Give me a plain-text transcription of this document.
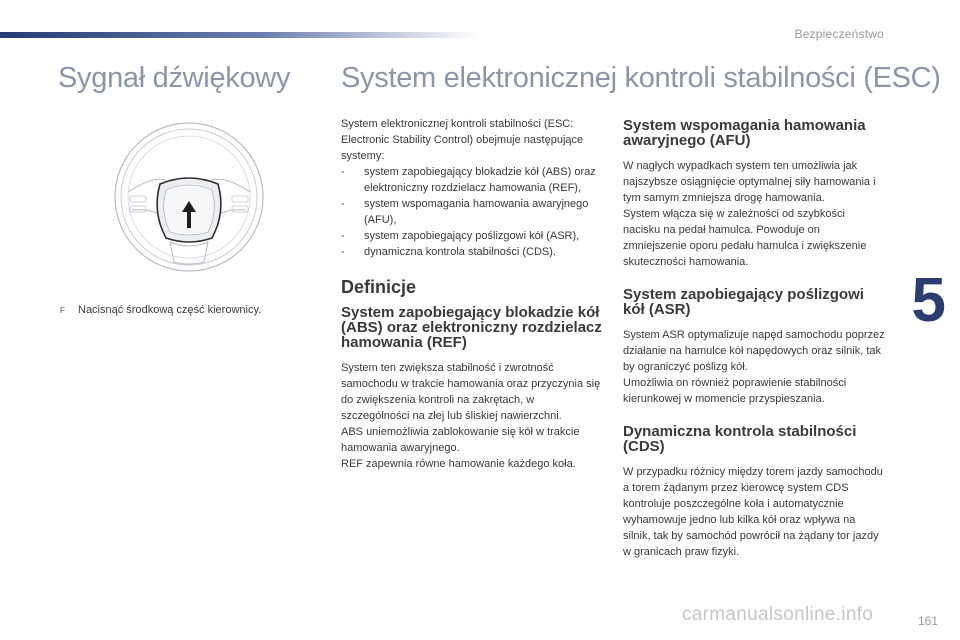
Bezpieczeństwo
Sygnał dźwiękowy System elektronicznej kontroli stabilności (ESC)
F Nacisnąć środkową część kierownicy.

System elektronicznej kontroli stabilności (ESC: Electronic Stability Control) obejmuje następujące systemy:

- system zapobiegający blokadzie kół (ABS) oraz elektroniczny rozdzielacz hamowania (REF),
- system wspomagania hamowania awaryjnego (AFU),
- system zapobiegający poślizgowi kół (ASR),
- dynamiczna kontrola stabilności (CDS).
Definicje
System zapobiegający blokadzie kół (ABS) oraz elektroniczny rozdzielacz hamowania (REF)

System ten zwiększa stabilność i zwrotność samochodu w trakcie hamowania oraz przyczynia się do zwiększenia kontroli na zakrętach, w szczególności na złej lub śliskiej nawierzchni.

ABS uniemożliwia zablokowanie się kół w trakcie hamowania awaryjnego.

REF zapewnia równe hamowanie każdego koła.

System wspomagania hamowania awaryjnego (AFU)

W nagłych wypadkach system ten umożliwia jak najszybsze osiągnięcie optymalnej siły hamowania i tym samym zmniejsza drogę hamowania.

System włącza się w zależności od szybkości nacisku na pedał hamulca. Powoduje on zmniejszenie oporu pedału hamulca i zwiększenie skuteczności hamowania.

System zapobiegający poślizgowi kół (ASR)

System ASR optymalizuje napęd samochodu poprzez działanie na hamulce kół napędowych oraz silnik, tak by ograniczyć poślizg kół.

Umożliwia on również poprawienie stabilności kierunkowej w momencie przyspieszania.

Dynamiczna kontrola stabilności (CDS)

W przypadku różnicy między torem jazdy samochodu a torem żądanym przez kierowcę system CDS kontroluje poszczególne koła i automatycznie wyhamowuje jedno lub kilka kół oraz wpływa na silnik, tak by samochód powrócił na żądany tor jazdy w granicach praw fizyki.

5
carmanualsonline.info	161
